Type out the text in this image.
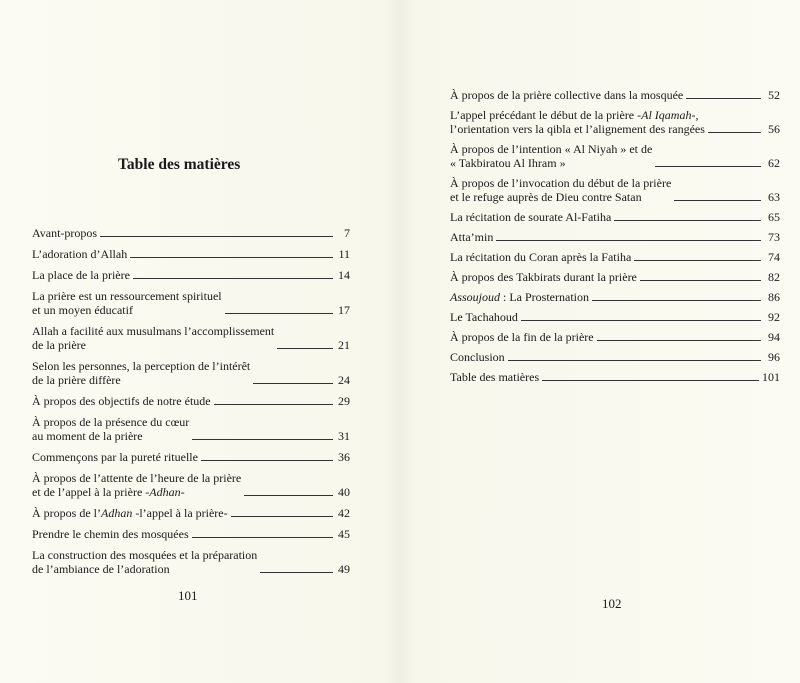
Table des matières
Avant-propos	7
L’adoration d’Allah	11
La place de la prière	14
La prière est un ressourcement spirituel
et un moyen éducatif	17
Allah a facilité aux musulmans l’accomplissement
de la prière	21
Selon les personnes, la perception de l’intérêt
de la prière diffère	24
À propos des objectifs de notre étude	29
À propos de la présence du cœur
au moment de la prière	31
Commençons par la pureté rituelle	36
À propos de l’attente de l’heure de la prière
et de l’appel à la prière -Adhan-	40
À propos de l’Adhan -l’appel à la prière-	42
Prendre le chemin des mosquées	45
La construction des mosquées et la préparation
de l’ambiance de l’adoration	49
101
À propos de la prière collective dans la mosquée	52
L’appel précédant le début de la prière -Al Iqamah-,
l’orientation vers la qibla et l’alignement des rangées	56
À propos de l’intention « Al Niyah » et de
« Takbiratou Al Ihram »	62
À propos de l’invocation du début de la prière
et le refuge auprès de Dieu contre Satan	63
La récitation de sourate Al-Fatiha	65
Atta’min	73
La récitation du Coran après la Fatiha	74
À propos des Takbirats durant la prière	82
Assoujoud : La Prosternation	86
Le Tachahoud	92
À propos de la fin de la prière	94
Conclusion	96
Table des matières	101
102
